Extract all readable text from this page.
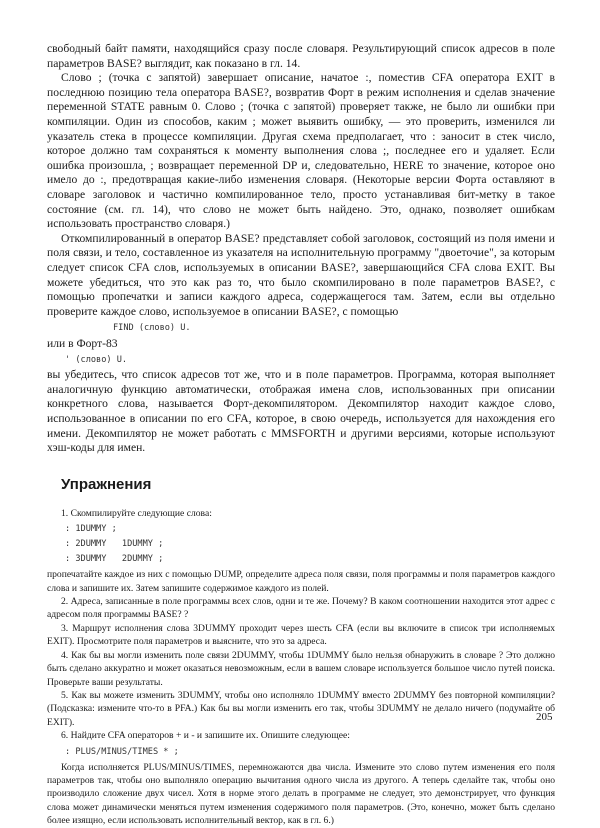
свободный байт памяти, находящийся сразу после словаря. Результирующий список адресов в поле параметров BASE? выглядит, как показано в гл. 14.

Слово ; (точка с запятой) завершает описание, начатое :, поместив CFA оператора EXIT в последнюю позицию тела оператора BASE?, возвратив Форт в режим исполнения и сделав значение переменной STATE равным 0. Слово ; (точка с запятой) проверяет также, не было ли ошибки при компиляции. Один из способов, каким ; может выявить ошибку, — это проверить, изменился ли указатель стека в процессе компиляции. Другая схема предполагает, что : заносит в стек число, которое должно там сохраняться к моменту выполнения слова ;, последнее его и удаляет. Если ошибка произошла, ; возвращает переменной DP и, следовательно, HERE то значение, которое оно имело до :, предотвращая какие-либо изменения словаря. (Некоторые версии Форта оставляют в словаре заголовок и частично компилированное тело, просто устанавливая бит-метку в такое состояние (см. гл. 14), что слово не может быть найдено. Это, однако, позволяет ошибкам использовать пространство словаря.)

Откомпилированный в оператор BASE? представляет собой заголовок, состоящий из поля имени и поля связи, и тело, составленное из указателя на исполнительную программу "двоеточие", за которым следует список CFA слов, используемых в описании BASE?, завершающийся CFA слова EXIT. Вы можете убедиться, что это как раз то, что было скомпилировано в поле параметров BASE?, с помощью пропечатки и записи каждого адреса, содержащегося там. Затем, если вы отдельно проверите каждое слово, используемое в описании BASE?, с помощью

FIND (слово) U.

или в Форт-83

' (слово) U.

вы убедитесь, что список адресов тот же, что и в поле параметров. Программа, которая выполняет аналогичную функцию автоматически, отображая имена слов, использованных при описании конкретного слова, называется Форт-декомпилятором. Декомпилятор находит каждое слово, использованное в описании по его CFA, которое, в свою очередь, используется для нахождения его имени. Декомпилятор не может работать с MMSFORTH и другими версиями, которые используют хэш-коды для имен.

Упражнения

1. Скомпилируйте следующие слова:

: 1DUMMY ;
: 2DUMMY   1DUMMY ;
: 3DUMMY   2DUMMY ;

пропечатайте каждое из них с помощью DUMP, определите адреса поля связи, поля программы и поля параметров каждого слова и запишите их. Затем запишите содержимое каждого из полей.

2. Адреса, записанные в поле программы всех слов, одни и те же. Почему? В каком соотношении находится этот адрес с адресом поля программы BASE? ?

3. Маршрут исполнения слова 3DUMMY проходит через шесть CFA (если вы включите в список три исполняемых EXIT). Просмотрите поля параметров и выясните, что это за адреса.

4. Как бы вы могли изменить поле связи 2DUMMY, чтобы 1DUMMY было нельзя обнаружить в словаре ? Это должно быть сделано аккуратно и может оказаться невозможным, если в вашем словаре используется большое число путей поиска. Проверьте ваши результаты.

5. Как вы можете изменить 3DUMMY, чтобы оно исполняло 1DUMMY вместо 2DUMMY без повторной компиляции? (Подсказка: измените что-то в PFA.) Как бы вы могли изменить его так, чтобы 3DUMMY не делало ничего (подумайте об EXIT).

6. Найдите CFA операторов + и - и запишите их. Опишите следующее:

: PLUS/MINUS/TIMES * ;

Когда исполняется PLUS/MINUS/TIMES, перемножаются два числа. Измените это слово путем изменения его поля параметров так, чтобы оно выполняло операцию вычитания одного числа из другого. А теперь сделайте так, чтобы оно производило сложение двух чисел. Хотя в норме этого делать в программе не следует, это демонстрирует, что функция слова может динамически меняться путем изменения содержимого поля параметров. (Это, конечно, может быть сделано более изящно, если использовать исполнительный вектор, как в гл. 6.)

205
